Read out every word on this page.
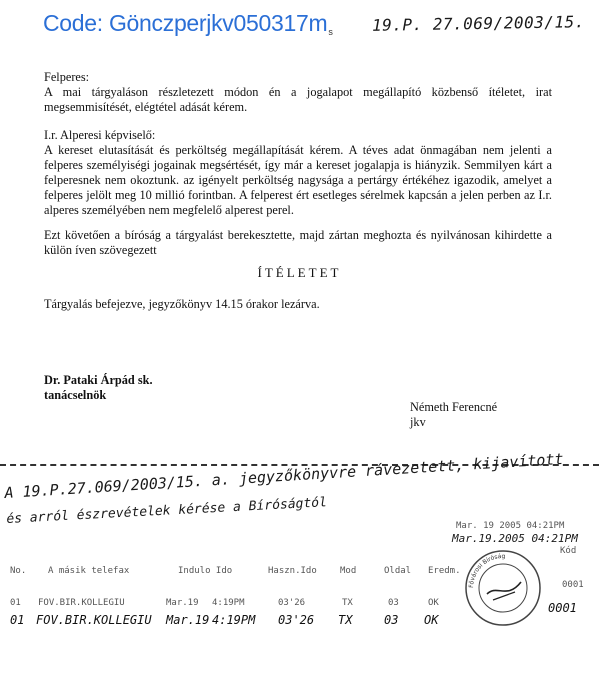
Code: $Gönczperjkv050317m_s$ 19.P. 27.069/2003/15.

Felperes:

A mai tárgyaláson részletezett módon én a jogalapot megállapító közbenső ítéletet, irat megsemmisítését, elégtétel adását kérem.

I.r. Alperesi képviselő:

A kereset elutasítását és perköltség megállapítását kérem. A téves adat önmagában nem jelenti a felperes személyiségi jogainak megsértését, így már a kereset jogalapja is hiányzik. Semmilyen kárt a felperesnek nem okoztunk. az igényelt perköltség nagysága a pertárgy értékéhez igazodik, amelyet a felperes jelölt meg 10 millió forintban. A felperest ért esetleges sérelmek kapcsán a jelen perben az I.r. alperes személyében nem megfelelő alperest perel.

Ezt követően a bíróság a tárgyalást berekesztette, majd zártan meghozta és nyilvánosan kihirdette a külön íven szövegezett

ÍTÉLETET

Tárgyalás befejezve, jegyzőkönyv 14.15 órakor lezárva.

Dr. Pataki Árpád sk.
tanácselnök
Németh Ferencné
jkv
A 19.P.27.069/2003/15. a. jegyzőkönyvre rávezetett, kijavított
és arról észrevételek kérése a Bíróságtól	Mar. 19 2005 04:21PM
Mar.19.2005 04:21PM
Kód
No. A másik telefax	Indulo Ido	Haszn.Ido	Mod	Oldal Eredm.
01 FOV.BIR.KOLLEGIU	Mar.19 4:19PM	03'26	TX	03	OK
0001
01 FOV.BIR.KOLLEGIU Mar.19 4:19PM 03'26 TX	03 OK
0001
Fővárosi Bíróság
